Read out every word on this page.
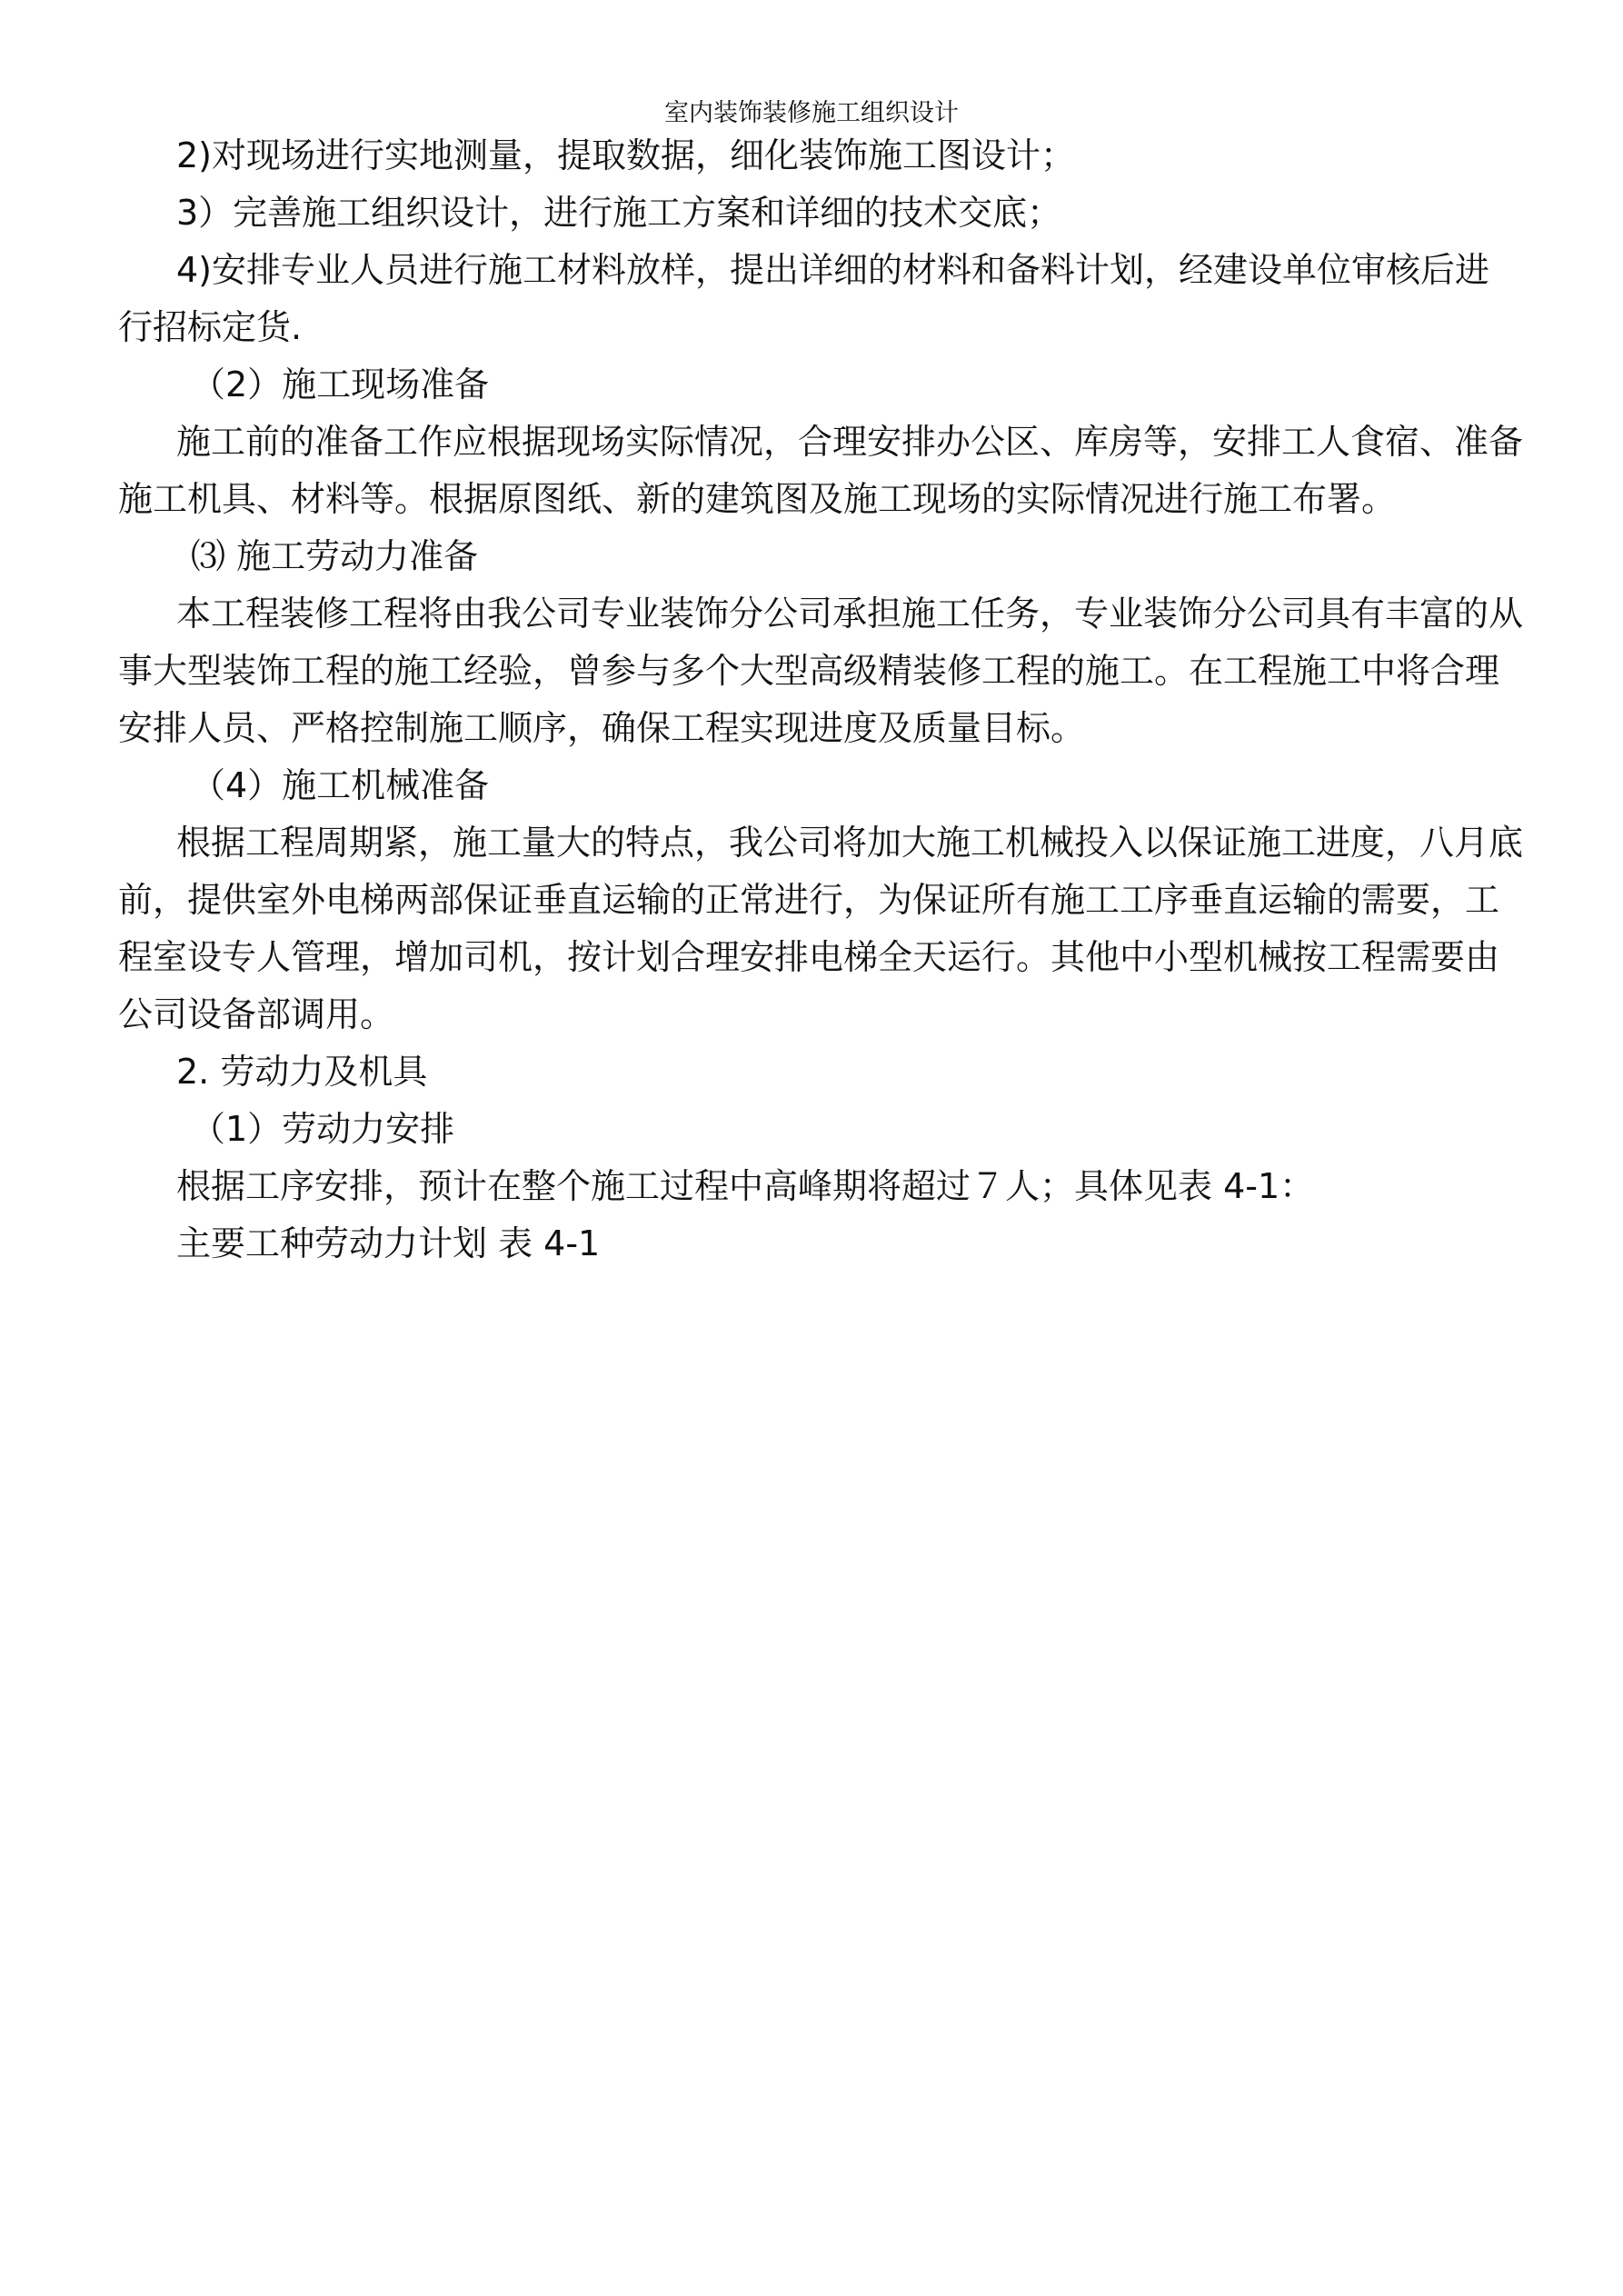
室内装饰装修施工组织设计

2)对现场进行实地测量，提取数据，细化装饰施工图设计；

3）完善施工组织设计，进行施工方案和详细的技术交底；

4)安排专业人员进行施工材料放样，提出详细的材料和备料计划，经建设单位审核后进行招标定货.

（2）施工现场准备

施工前的准备工作应根据现场实际情况，合理安排办公区、库房等，安排工人食宿、准备施工机具、材料等。根据原图纸、新的建筑图及施工现场的实际情况进行施工布署。

⑶ 施工劳动力准备

本工程装修工程将由我公司专业装饰分公司承担施工任务，专业装饰分公司具有丰富的从事大型装饰工程的施工经验，曾参与多个大型高级精装修工程的施工。在工程施工中将合理安排人员、严格控制施工顺序，确保工程实现进度及质量目标。

（4）施工机械准备

根据工程周期紧，施工量大的特点，我公司将加大施工机械投入以保证施工进度，八月底前，提供室外电梯两部保证垂直运输的正常进行，为保证所有施工工序垂直运输的需要，工程室设专人管理，增加司机，按计划合理安排电梯全天运行。其他中小型机械按工程需要由公司设备部调用。

2. 劳动力及机具

（1）劳动力安排

根据工序安排，预计在整个施工过程中高峰期将超过７人；具体见表 4-1：

主要工种劳动力计划 表 4-1
